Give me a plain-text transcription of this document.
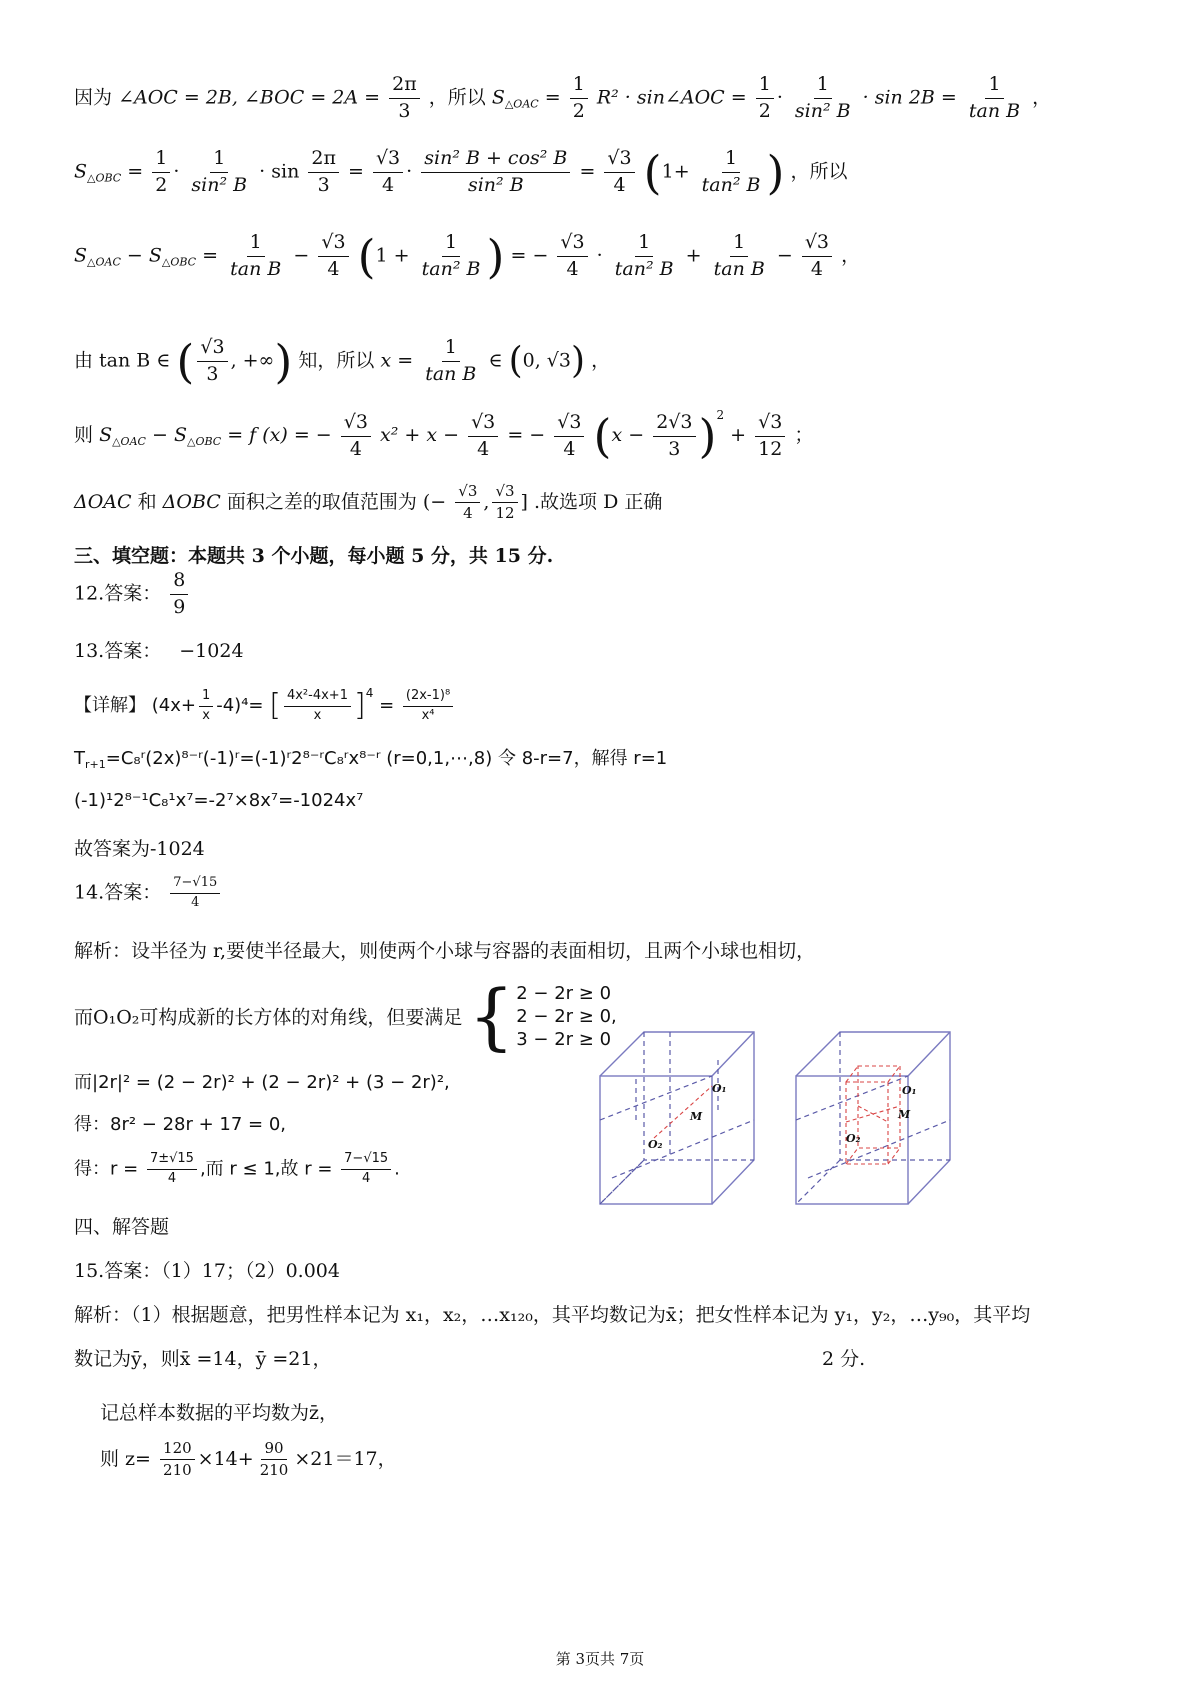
因为 ∠AOC = 2B, ∠BOC = $2A = \frac{2\pi}{3}$ ，所以 $S_{\triangle OAC} = \frac{1}{2} R^2$ · sin∠AOC = $\frac{1}{2} \cdot \frac{1}{\text{sin² B}} \cdot \sin 2B = \frac{1}{\text{tan B}}$ ，
$S_{\triangle OBC} = \frac{1}{2} \cdot \frac{1}{\text{sin² B}} \cdot \sin \frac{2\pi}{3} = \frac{√3}{4} \cdot \frac{\text{sin² B + cos² B}}{\text{sin² B}} = \frac{√3}{4} (1+ \frac{1}{\text{tan² B}}$ ) ，所以
$S_{\triangle OAC} - S_{\triangle OBC} = \frac{1}{\text{tan B}} - \frac{√3}{4} (1 + \frac{1}{\text{tan² B}}$ ) = − $\frac{√3}{4} \cdot \frac{1}{\text{tan² B}} + \frac{1}{\text{tan B}} - \frac{√3}{4}$ ，
由 tan B ∈ ( $\frac{√3}{3}$ , +∞) 知，所以 $x = \frac{1}{\text{tan B}}$ ∈ (0, √3) ，
则 $S_{\triangle OAC} - S_{\triangle OBC} = f$ (x) = − $\frac{√3}{4} x^2 + x - \frac{√3}{4}$ = − $\frac{√3}{4} (x - \frac{2√3}{3} )^2 + \frac{√3}{12}$ ；
ΔOAC 和 ΔOBC 面积之差的取值范围为 (− $\frac{√3}{4}$ , $\frac{√3}{12}$ ] .故选项 D 正确
三、填空题：本题共 3 个小题，每小题 5 分，共 15 分.
12.答案： $\frac{8}{9}$
13.答案： −1024
【详解】 $(4x+ \frac{1}{x} -4)^4=$ [ $\frac{\text{4x²-4x+1}}{x} ]^4 = \frac{\text{(2x-1)⁸}}{\text{x⁴}}$
$T_{r+1}=C_8ʳ(2x)^{8-}ʳ(-1)ʳ=(-1)ʳ2^{8-}ʳC_8ʳx^{8-}ʳ$ (r=0,1,⋯,8) 令 8-r=7，解得 r=1
(-1)¹2⁸⁻¹C₈¹x⁷=-2⁷×8x⁷=-1024x⁷
故答案为-1024
14.答案： $\frac{7-√15}{4}$
解析：设半径为 r,要使半径最大，则使两个小球与容器的表面相切，且两个小球也相切，
而O₁O₂可构成新的长方体的对角线，但要满足 { 2 − 2r ≥ 0
2 − 2r ≥ 0,
3 − 2r ≥ 0
而|2r|² = (2 − 2r)² + (2 − 2r)² + (3 − 2r)²,
得：8r² − 28r + 17 = 0,
得：$r = \frac{7\pm√15}{4}$ ,而 r ≤ 1,故 $r = \frac{7-√15}{4}$ .
O₁
O₂
M
O₁
O₂
M
四、解答题
15.答案：（1）17；（2）0.004
解析：（1）根据题意，把男性样本记为 x₁，x₂，…x₁₂₀，其平均数记为x̄；把女性样本记为 y₁，y₂，…y₉₀，其平均
数记为ȳ，则x̄ =14，ȳ =21，	2 分.
记总样本数据的平均数为z̄，
则 $z= \frac{120}{210} \times 14+ \frac{90}{210} \times 21=17$，
第 3页共 7页
